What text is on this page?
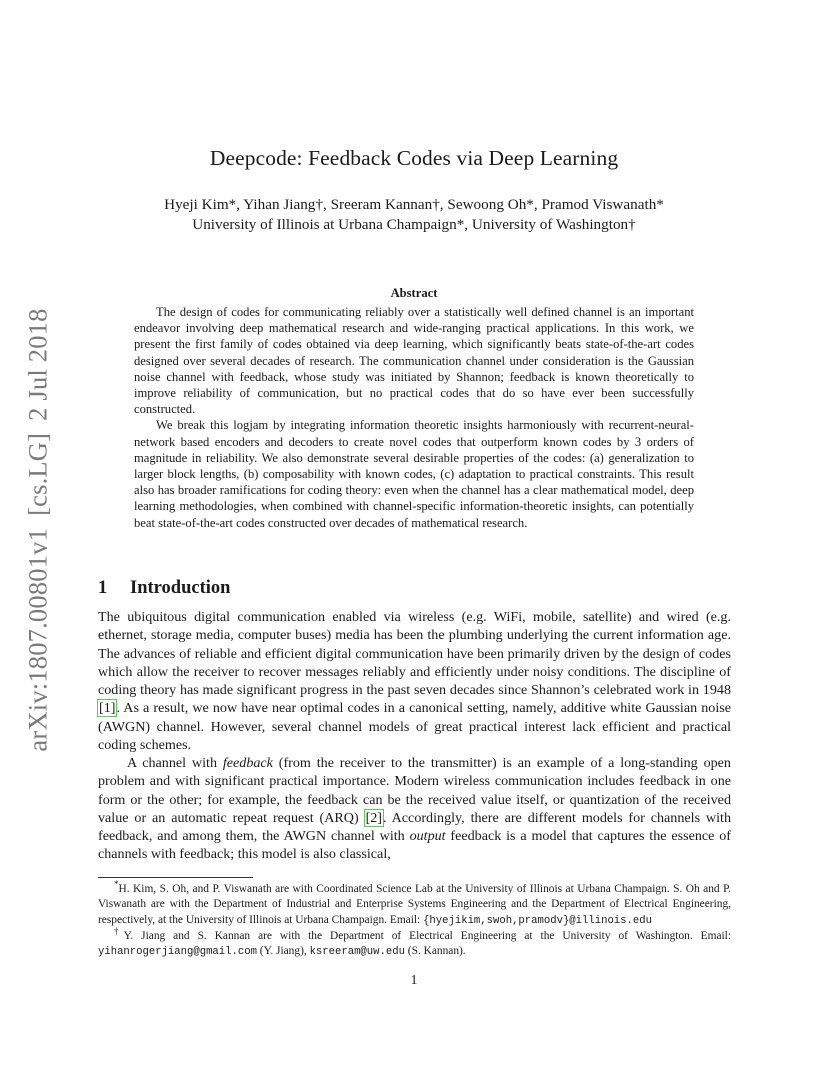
arXiv:1807.00801v1[cs.LG]2 Jul 2018
Deepcode: Feedback Codes via Deep Learning
Hyeji Kim*, Yihan Jiang†, Sreeram Kannan†, Sewoong Oh*, Pramod Viswanath*
University of Illinois at Urbana Champaign*, University of Washington†
Abstract

The design of codes for communicating reliably over a statistically well defined channel is an important endeavor involving deep mathematical research and wide-ranging practical applications. In this work, we present the first family of codes obtained via deep learning, which significantly beats state-of-the-art codes designed over several decades of research. The communication channel under consideration is the Gaussian noise channel with feedback, whose study was initiated by Shannon; feedback is known theoretically to improve reliability of communication, but no practical codes that do so have ever been successfully constructed.

We break this logjam by integrating information theoretic insights harmoniously with recurrent-neural-network based encoders and decoders to create novel codes that outperform known codes by 3 orders of magnitude in reliability. We also demonstrate several desirable properties of the codes: (a) generalization to larger block lengths, (b) composability with known codes, (c) adaptation to practical constraints. This result also has broader ramifications for coding theory: even when the channel has a clear mathematical model, deep learning methodologies, when combined with channel-specific information-theoretic insights, can potentially beat state-of-the-art codes constructed over decades of mathematical research.

1 Introduction

The ubiquitous digital communication enabled via wireless (e.g. WiFi, mobile, satellite) and wired (e.g. ethernet, storage media, computer buses) media has been the plumbing underlying the current information age. The advances of reliable and efficient digital communication have been primarily driven by the design of codes which allow the receiver to recover messages reliably and efficiently under noisy conditions. The discipline of coding theory has made significant progress in the past seven decades since Shannon’s celebrated work in 1948 [1]. As a result, we now have near optimal codes in a canonical setting, namely, additive white Gaussian noise (AWGN) channel. However, several channel models of great practical interest lack efficient and practical coding schemes.

A channel with feedback (from the receiver to the transmitter) is an example of a long-standing open problem and with significant practical importance. Modern wireless communication includes feedback in one form or the other; for example, the feedback can be the received value itself, or quantization of the received value or an automatic repeat request (ARQ) [2]. Accordingly, there are different models for channels with feedback, and among them, the AWGN channel with output feedback is a model that captures the essence of channels with feedback; this model is also classical,

*H. Kim, S. Oh, and P. Viswanath are with Coordinated Science Lab at the University of Illinois at Urbana Champaign. S. Oh and P. Viswanath are with the Department of Industrial and Enterprise Systems Engineering and the Department of Electrical Engineering, respectively, at the University of Illinois at Urbana Champaign. Email: {hyejikim,swoh,pramodv}@illinois.edu

†Y. Jiang and S. Kannan are with the Department of Electrical Engineering at the University of Washington. Email: yihanrogerjiang@gmail.com (Y. Jiang), ksreeram@uw.edu (S. Kannan).

1
